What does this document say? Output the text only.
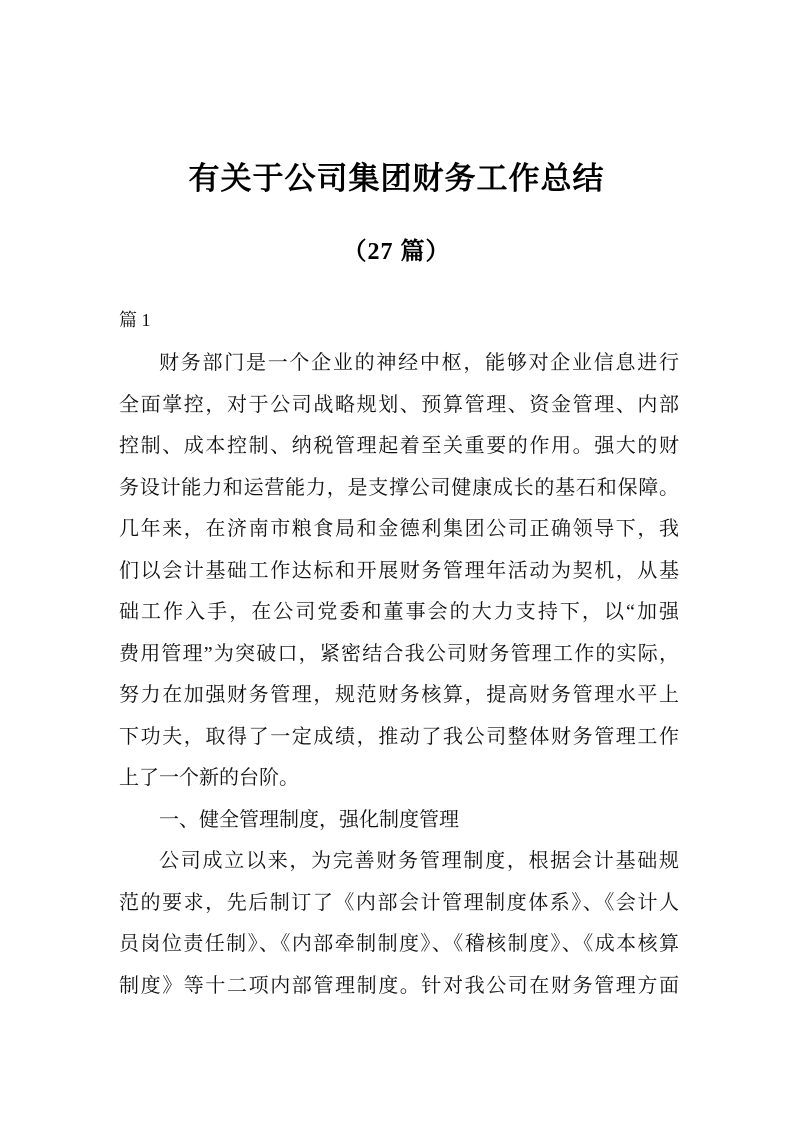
有关于公司集团财务工作总结
（27 篇）
篇 1
财务部门是一个企业的神经中枢，能够对企业信息进行
全面掌控，对于公司战略规划、预算管理、资金管理、内部
控制、成本控制、纳税管理起着至关重要的作用。强大的财
务设计能力和运营能力，是支撑公司健康成长的基石和保障。
几年来，在济南市粮食局和金德利集团公司正确领导下，我
们以会计基础工作达标和开展财务管理年活动为契机，从基
础工作入手，在公司党委和董事会的大力支持下，以“加强
费用管理”为突破口，紧密结合我公司财务管理工作的实际，
努力在加强财务管理，规范财务核算，提高财务管理水平上
下功夫，取得了一定成绩，推动了我公司整体财务管理工作
上了一个新的台阶。
一、健全管理制度，强化制度管理
公司成立以来，为完善财务管理制度，根据会计基础规
范的要求，先后制订了《内部会计管理制度体系》、《会计人
员岗位责任制》、《内部牵制制度》、《稽核制度》、《成本核算
制度》等十二项内部管理制度。针对我公司在财务管理方面
